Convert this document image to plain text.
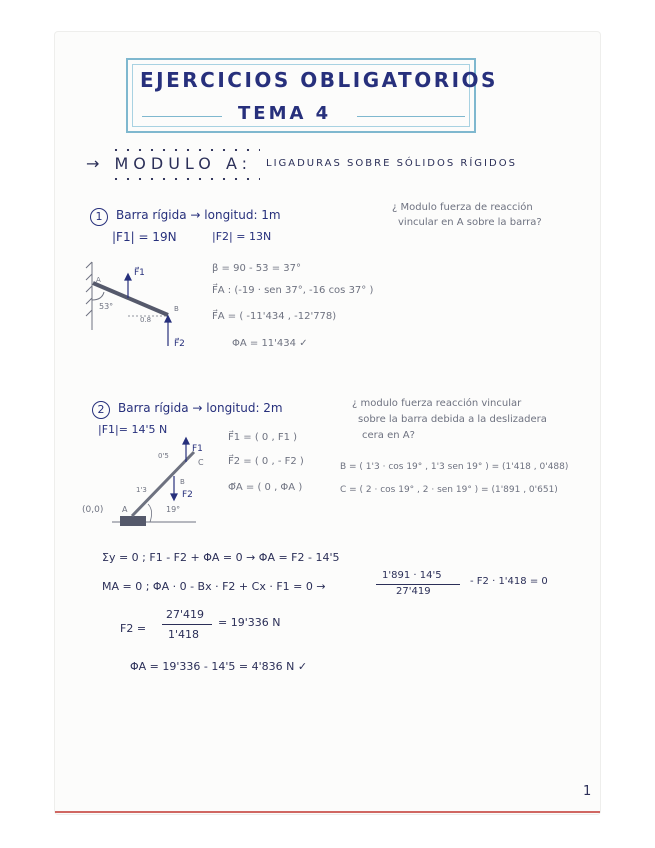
EJERCICIOS OBLIGATORIOS
TEMA 4
→ MODULO A: LIGADURAS SOBRE SÓLIDOS RÍGIDOS
1	Barra rígida → longitud: 1m
|F1| = 19N	|F2| = 13N
¿ Modulo fuerza de reacción
vincular en A sobre la barra?
β = 90 - 53 = 37°
F⃗A : (-19 · sen 37°, -16 cos 37° )
F⃗A = ( -11'434 , -12'778)
ΦA = 11'434 ✓
F⃗1
F⃗2
A
B
53°
0.8
2	Barra rígida → longitud: 2m
|F1|= 14'5 N
¿ modulo fuerza reacción vincular
sobre la barra debida a la deslizadera
cera en A?
F⃗1 = ( 0 , F1 )
F⃗2 = ( 0 , - F2 )
Φ⃗A = ( 0 , ΦA )
B = ( 1'3 · cos 19° , 1'3 sen 19° ) = (1'418 , 0'488)
C = ( 2 · cos 19° , 2 · sen 19° ) = (1'891 , 0'651)
(0,0) A
B
C
F1
F2
19°
0'5
1'3
Σy = 0 ; F1 - F2 + ΦA = 0 → ΦA = F2 - 14'5
MA = 0 ; ΦA · 0 - Bx · F2 + Cx · F1 = 0 →
1'891 · 14'5
- F2 · 1'418 = 0
27'419
F2 =
27'419
1'418
= 19'336 N
ΦA = 19'336 - 14'5 = 4'836 N ✓
1
